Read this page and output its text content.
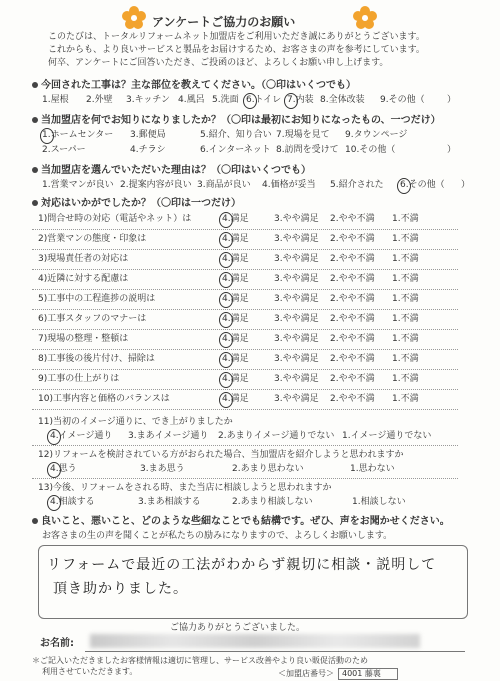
アンケートご協力のお願い
このたびは、トータルリフォームネット加盟店をご利用いただき誠にありがとうございます。
これからも、より良いサービスと製品をお届けするため、お客さまの声を参考にしています。
何卒、アンケートにご回答いただき、ご投函のほど、よろしくお願い申し上げます。
今回された工事は？主な部位を教えてください。（〇印はいくつでも）
1.屋根 2.外壁 3.キッチン 4.風呂 5.洗面 6.トイレ 7.内装 8.全体改装 9.その他（ ）
当加盟店を何でお知りになりましたか？（〇印は最初にお知りになったもの、一つだけ）
1.ホームセンター 3.郵便局	5.紹介、知り合い 7.現場を見て 9.タウンページ
2.スーパー	4.チラシ	6.インターネット 8.訪問を受けて 10.その他（	）
当加盟店を選んでいただいた理由は？（〇印はいくつでも）
1.営業マンが良い 2.提案内容が良い 3.商品が良い 4.価格が妥当 5.紹介された 6.その他（ ）
対応はいかがでしたか？（〇印は一つだけ）
1)問合せ時の対応（電話やネット）は	4.満足	3.やや満足 2.やや不満 1.不満
2)営業マンの態度・印象は	4.満足	3.やや満足 2.やや不満 1.不満
3)現場責任者の対応は	4.満足	3.やや満足 2.やや不満 1.不満
4)近隣に対する配慮は	4.満足	3.やや満足 2.やや不満 1.不満
5)工事中の工程進捗の説明は	4.満足	3.やや満足 2.やや不満 1.不満
6)工事スタッフのマナーは	4.満足	3.やや満足 2.やや不満 1.不満
7)現場の整理・整頓は	4.満足	3.やや満足 2.やや不満 1.不満
8)工事後の後片付け、掃除は	4.満足	3.やや満足 2.やや不満 1.不満
9)工事の仕上がりは	4.満足	3.やや満足 2.やや不満 1.不満
10)工事内容と価格のバランスは	4.満足	3.やや満足 2.やや不満 1.不満
11)当初のイメージ通りに、でき上がりましたか
4.イメージ通り 3.まあイメージ通り 2.あまりイメージ通りでない 1.イメージ通りでない
12)リフォームを検討されている方がおられた場合、当加盟店を紹介しようと思われますか
4.思う	3.まあ思う	2.あまり思わない	1.思わない
13)今後、リフォームをされる時、また当店に相談しようと思われますか
4.相談する	3.まあ相談する	2.あまり相談しない	1.相談しない
良いこと、悪いこと、どのような些細なことでも結構です。ぜひ、声をお聞かせください。
お客さまの生の声を聞くことが私たちの励みになりますので、よろしくお願いします。
リフォームで最近の工法がわからず親切に相談・説明して
頂き助かりました。
ご協力ありがとうございました。
お名前:
＊ご記入いただきましたお客様情報は適切に管理し、サービス改善やより良い販促活動のため
利用させていただきます。	＜加盟店番号＞	4001 藤裏
